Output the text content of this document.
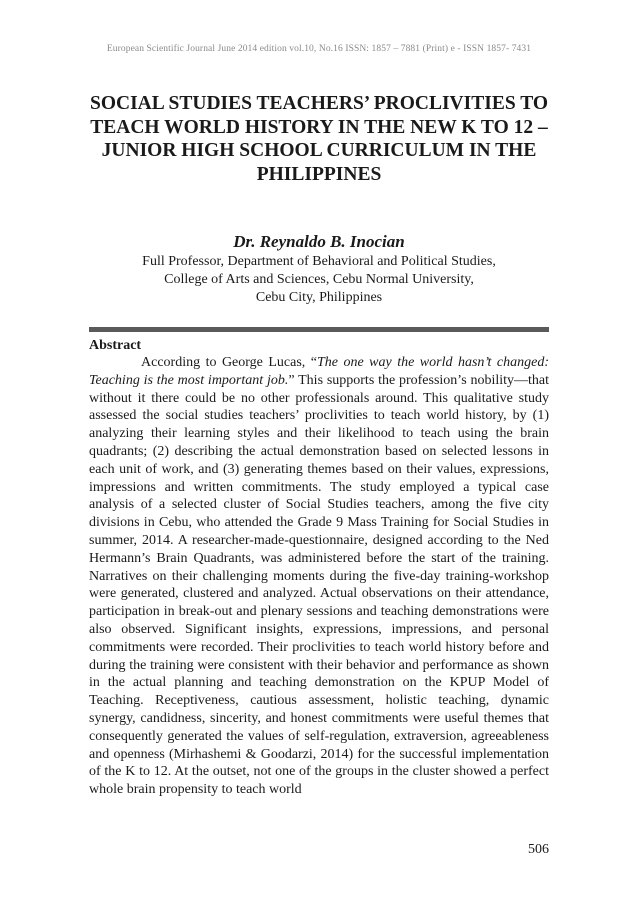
European Scientific Journal June 2014 edition vol.10, No.16 ISSN: 1857 – 7881 (Print) e - ISSN 1857- 7431
SOCIAL STUDIES TEACHERS’ PROCLIVITIES TO TEACH WORLD HISTORY IN THE NEW K TO 12 – JUNIOR HIGH SCHOOL CURRICULUM IN THE PHILIPPINES
Dr. Reynaldo B. Inocian
Full Professor, Department of Behavioral and Political Studies,
College of Arts and Sciences, Cebu Normal University,
Cebu City, Philippines
Abstract

According to George Lucas, “The one way the world hasn’t changed: Teaching is the most important job.” This supports the profession’s nobility—that without it there could be no other professionals around. This qualitative study assessed the social studies teachers’ proclivities to teach world history, by (1) analyzing their learning styles and their likelihood to teach using the brain quadrants; (2) describing the actual demonstration based on selected lessons in each unit of work, and (3) generating themes based on their values, expressions, impressions and written commitments. The study employed a typical case analysis of a selected cluster of Social Studies teachers, among the five city divisions in Cebu, who attended the Grade 9 Mass Training for Social Studies in summer, 2014. A researcher-made-questionnaire, designed according to the Ned Hermann’s Brain Quadrants, was administered before the start of the training. Narratives on their challenging moments during the five-day training-workshop were generated, clustered and analyzed. Actual observations on their attendance, participation in break-out and plenary sessions and teaching demonstrations were also observed. Significant insights, expressions, impressions, and personal commitments were recorded. Their proclivities to teach world history before and during the training were consistent with their behavior and performance as shown in the actual planning and teaching demonstration on the KPUP Model of Teaching. Receptiveness, cautious assessment, holistic teaching, dynamic synergy, candidness, sincerity, and honest commitments were useful themes that consequently generated the values of self-regulation, extraversion, agreeableness and openness (Mirhashemi & Goodarzi, 2014) for the successful implementation of the K to 12. At the outset, not one of the groups in the cluster showed a perfect whole brain propensity to teach world

506
